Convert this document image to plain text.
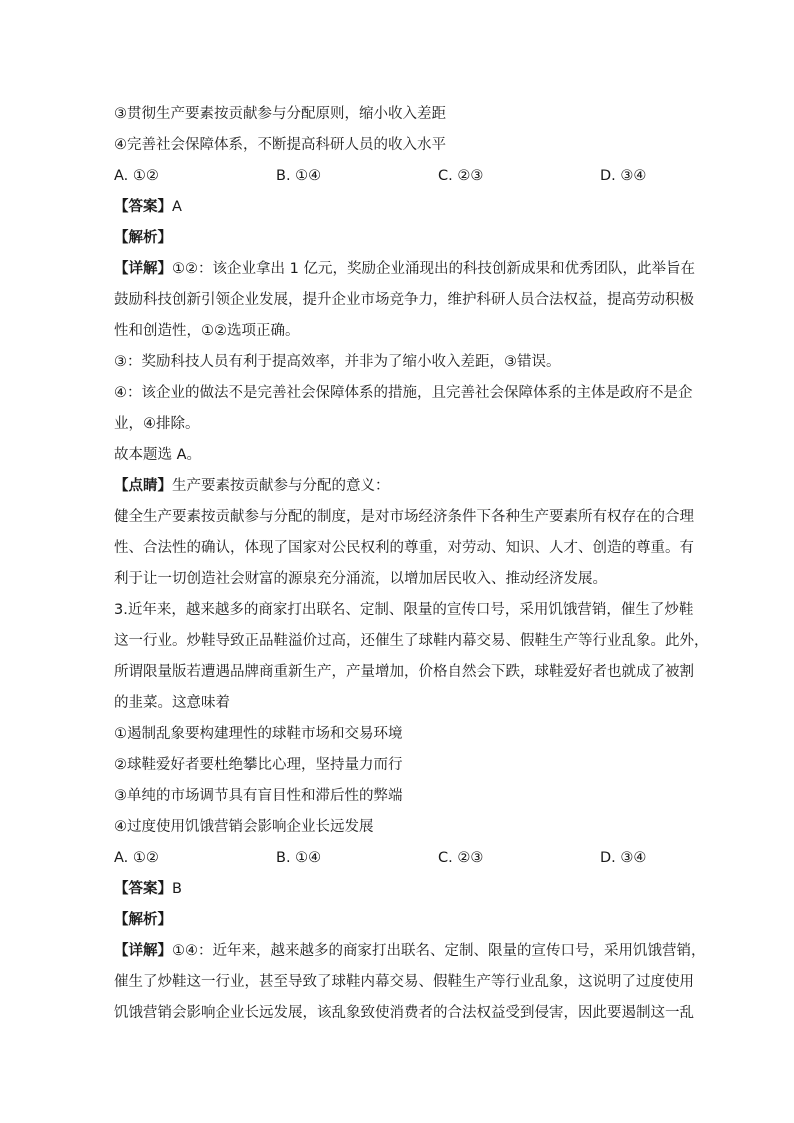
③贯彻生产要素按贡献参与分配原则，缩小收入差距
④完善社会保障体系，不断提高科研人员的收入水平
A. ①②	B. ①④	C. ②③	D. ③④
【答案】A
【解析】
【详解】①②：该企业拿出 1 亿元，奖励企业涌现出的科技创新成果和优秀团队，此举旨在
鼓励科技创新引领企业发展，提升企业市场竞争力，维护科研人员合法权益，提高劳动积极
性和创造性，①②选项正确。
③：奖励科技人员有利于提高效率，并非为了缩小收入差距，③错误。
④：该企业的做法不是完善社会保障体系的措施，且完善社会保障体系的主体是政府不是企
业，④排除。
故本题选 A。
【点睛】生产要素按贡献参与分配的意义：
健全生产要素按贡献参与分配的制度，是对市场经济条件下各种生产要素所有权存在的合理
性、合法性的确认，体现了国家对公民权利的尊重，对劳动、知识、人才、创造的尊重。有
利于让一切创造社会财富的源泉充分涌流，以增加居民收入、推动经济发展。
3.近年来，越来越多的商家打出联名、定制、限量的宣传口号，采用饥饿营销，催生了炒鞋
这一行业。炒鞋导致正品鞋溢价过高，还催生了球鞋内幕交易、假鞋生产等行业乱象。此外，
所谓限量版若遭遇品牌商重新生产，产量增加，价格自然会下跌，球鞋爱好者也就成了被割
的韭菜。这意味着
①遏制乱象要构建理性的球鞋市场和交易环境
②球鞋爱好者要杜绝攀比心理，坚持量力而行
③单纯的市场调节具有盲目性和滞后性的弊端
④过度使用饥饿营销会影响企业长远发展
A. ①②	B. ①④	C. ②③	D. ③④
【答案】B
【解析】
【详解】①④：近年来，越来越多的商家打出联名、定制、限量的宣传口号，采用饥饿营销，
催生了炒鞋这一行业，甚至导致了球鞋内幕交易、假鞋生产等行业乱象，这说明了过度使用
饥饿营销会影响企业长远发展，该乱象致使消费者的合法权益受到侵害，因此要遏制这一乱
